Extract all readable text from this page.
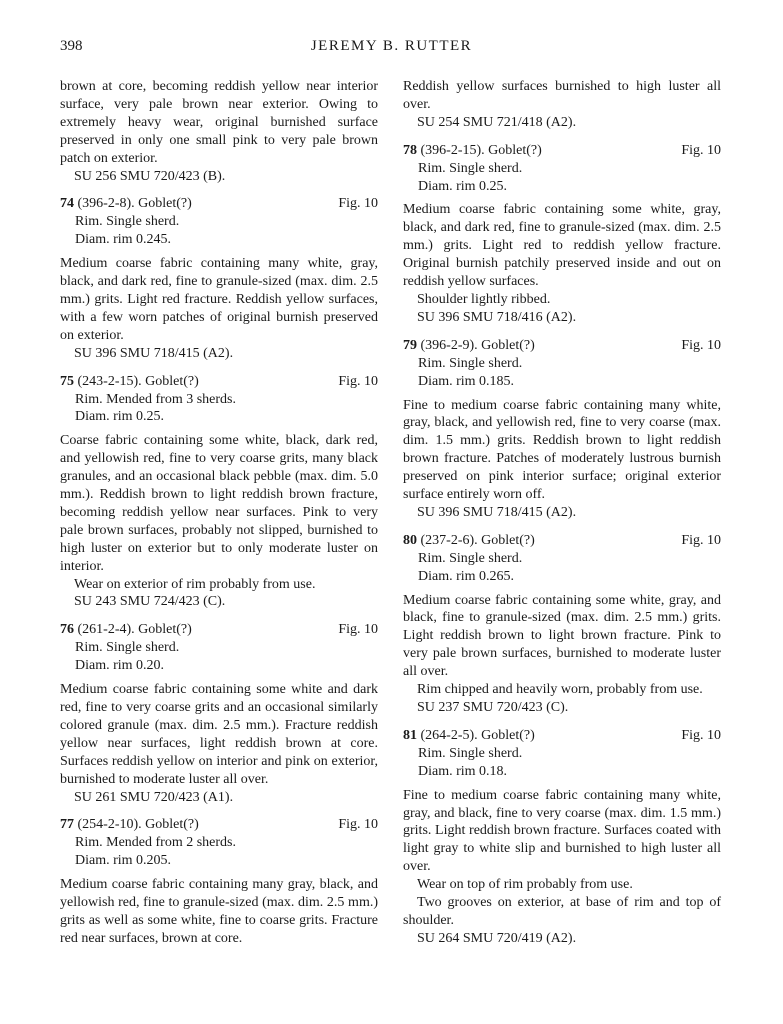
398	JEREMY B. RUTTER

brown at core, becoming reddish yellow near interior surface, very pale brown near exterior. Owing to extremely heavy wear, original burnished surface preserved in only one small pink to very pale brown patch on exterior.

SU 256 SMU 720/423 (B).

74 (396-2-8). Goblet(?)	Fig. 10

Rim. Single sherd.

Diam. rim 0.245.

Medium coarse fabric containing many white, gray, black, and dark red, fine to granule-sized (max. dim. 2.5 mm.) grits. Light red fracture. Reddish yellow surfaces, with a few worn patches of original burnish preserved on exterior.

SU 396 SMU 718/415 (A2).

75 (243-2-15). Goblet(?)	Fig. 10

Rim. Mended from 3 sherds.

Diam. rim 0.25.

Coarse fabric containing some white, black, dark red, and yellowish red, fine to very coarse grits, many black granules, and an occasional black pebble (max. dim. 5.0 mm.). Reddish brown to light reddish brown fracture, becoming reddish yellow near surfaces. Pink to very pale brown surfaces, probably not slipped, burnished to high luster on exterior but to only moderate luster on interior.

Wear on exterior of rim probably from use.

SU 243 SMU 724/423 (C).

76 (261-2-4). Goblet(?)	Fig. 10

Rim. Single sherd.

Diam. rim 0.20.

Medium coarse fabric containing some white and dark red, fine to very coarse grits and an occasional similarly colored granule (max. dim. 2.5 mm.). Fracture reddish yellow near surfaces, light reddish brown at core. Surfaces reddish yellow on interior and pink on exterior, burnished to moderate luster all over.

SU 261 SMU 720/423 (A1).

77 (254-2-10). Goblet(?)	Fig. 10

Rim. Mended from 2 sherds.

Diam. rim 0.205.

Medium coarse fabric containing many gray, black, and yellowish red, fine to granule-sized (max. dim. 2.5 mm.) grits as well as some white, fine to coarse grits. Fracture red near surfaces, brown at core.

Reddish yellow surfaces burnished to high luster all over.

SU 254 SMU 721/418 (A2).

78 (396-2-15). Goblet(?)	Fig. 10

Rim. Single sherd.

Diam. rim 0.25.

Medium coarse fabric containing some white, gray, black, and dark red, fine to granule-sized (max. dim. 2.5 mm.) grits. Light red to reddish yellow fracture. Original burnish patchily preserved inside and out on reddish yellow surfaces.

Shoulder lightly ribbed.

SU 396 SMU 718/416 (A2).

79 (396-2-9). Goblet(?)	Fig. 10

Rim. Single sherd.

Diam. rim 0.185.

Fine to medium coarse fabric containing many white, gray, black, and yellowish red, fine to very coarse (max. dim. 1.5 mm.) grits. Reddish brown to light reddish brown fracture. Patches of moderately lustrous burnish preserved on pink interior surface; original exterior surface entirely worn off.

SU 396 SMU 718/415 (A2).

80 (237-2-6). Goblet(?)	Fig. 10

Rim. Single sherd.

Diam. rim 0.265.

Medium coarse fabric containing some white, gray, and black, fine to granule-sized (max. dim. 2.5 mm.) grits. Light reddish brown to light brown fracture. Pink to very pale brown surfaces, burnished to moderate luster all over.

Rim chipped and heavily worn, probably from use.

SU 237 SMU 720/423 (C).

81 (264-2-5). Goblet(?)	Fig. 10

Rim. Single sherd.

Diam. rim 0.18.

Fine to medium coarse fabric containing many white, gray, and black, fine to very coarse (max. dim. 1.5 mm.) grits. Light reddish brown fracture. Surfaces coated with light gray to white slip and burnished to high luster all over.

Wear on top of rim probably from use.

Two grooves on exterior, at base of rim and top of shoulder.

SU 264 SMU 720/419 (A2).
